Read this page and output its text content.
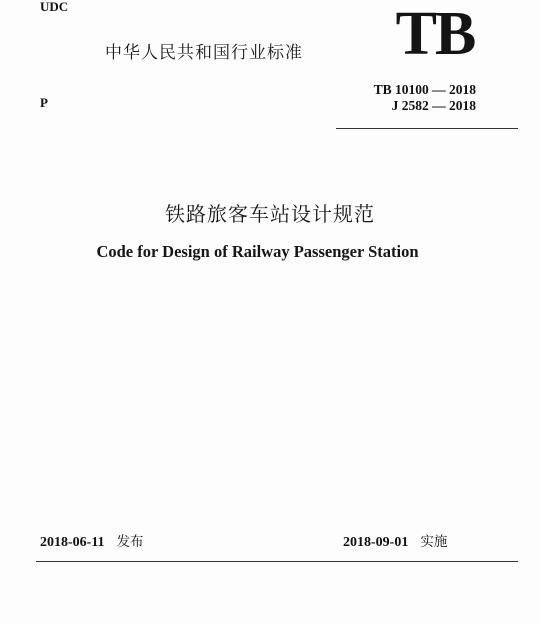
UDC
中华人民共和国行业标准 TB
P
TB 10100 — 2018
J 2582 — 2018
铁路旅客车站设计规范
Code for Design of Railway Passenger Station
2018-06-11 发布	2018-09-01 实施
